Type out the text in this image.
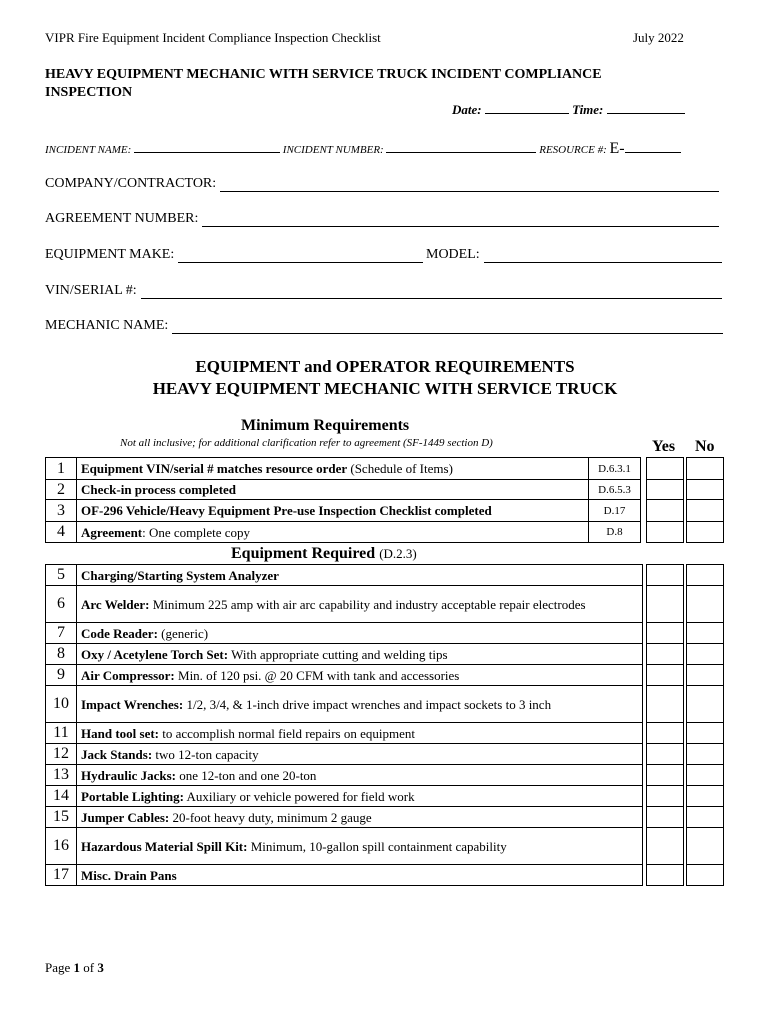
VIPR Fire Equipment Incident Compliance Inspection Checklist	July 2022
HEAVY EQUIPMENT MECHANIC WITH SERVICE TRUCK INCIDENT COMPLIANCE INSPECTION
Date:	Time:
INCIDENT NAME:	INCIDENT NUMBER:	RESOURCE #: E-
COMPANY/CONTRACTOR:
AGREEMENT NUMBER:
EQUIPMENT MAKE:	MODEL:
VIN/SERIAL #:
MECHANIC NAME:
EQUIPMENT and OPERATOR REQUIREMENTS
HEAVY EQUIPMENT MECHANIC WITH SERVICE TRUCK
Minimum Requirements
Not all inclusive; for additional clarification refer to agreement (SF-1449 section D)	Yes No
1	Equipment VIN/serial # matches resource order (Schedule of Items)	D.6.3.1
2	Check-in process completed	D.6.5.3
3	OF-296 Vehicle/Heavy Equipment Pre-use Inspection Checklist completed	D.17
4	Agreement: One complete copy	D.8
Equipment Required (D.2.3)
5	Charging/Starting System Analyzer
6	Arc Welder: Minimum 225 amp with air arc capability and industry acceptable repair electrodes
7	Code Reader: (generic)
8	Oxy / Acetylene Torch Set: With appropriate cutting and welding tips
9	Air Compressor: Min. of 120 psi. @ 20 CFM with tank and accessories
10	Impact Wrenches: 1/2, 3/4, & 1-inch drive impact wrenches and impact sockets to 3 inch
11	Hand tool set: to accomplish normal field repairs on equipment
12	Jack Stands: two 12-ton capacity
13	Hydraulic Jacks: one 12-ton and one 20-ton
14	Portable Lighting: Auxiliary or vehicle powered for field work
15	Jumper Cables: 20-foot heavy duty, minimum 2 gauge
16	Hazardous Material Spill Kit: Minimum, 10-gallon spill containment capability
17	Misc. Drain Pans
Page 1 of 3
